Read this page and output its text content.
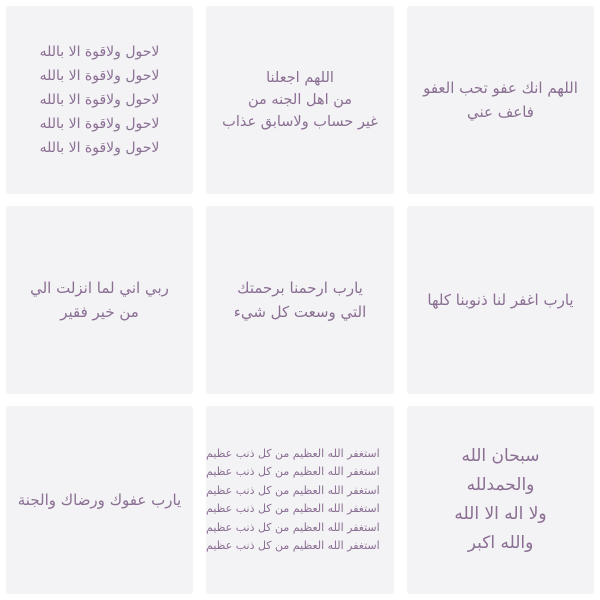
لاحول ولاقوة الا بالله
لاحول ولاقوة الا بالله
لاحول ولاقوة الا بالله
لاحول ولاقوة الا بالله
لاحول ولاقوة الا بالله
اللهم اجعلنا
من اهل الجنه من
غير حساب ولاسابق عذاب
اللهم انك عفو تحب العفو
فاعف عني
ربي اني لما انزلت الي
من خير فقير
يارب ارحمنا برحمتك
التي وسعت كل شيء
يارب اغفر لنا ذنوبنا كلها
يارب عفوك ورضاك والجنة
استغفر الله العظيم من كل ذنب عظيم
استغفر الله العظيم من كل ذنب عظيم
استغفر الله العظيم من كل ذنب عظيم
استغفر الله العظيم من كل ذنب عظيم
استغفر الله العظيم من كل ذنب عظيم
استغفر الله العظيم من كل ذنب عظيم
سبحان الله
والحمدلله
ولا اله الا الله
والله اكبر
